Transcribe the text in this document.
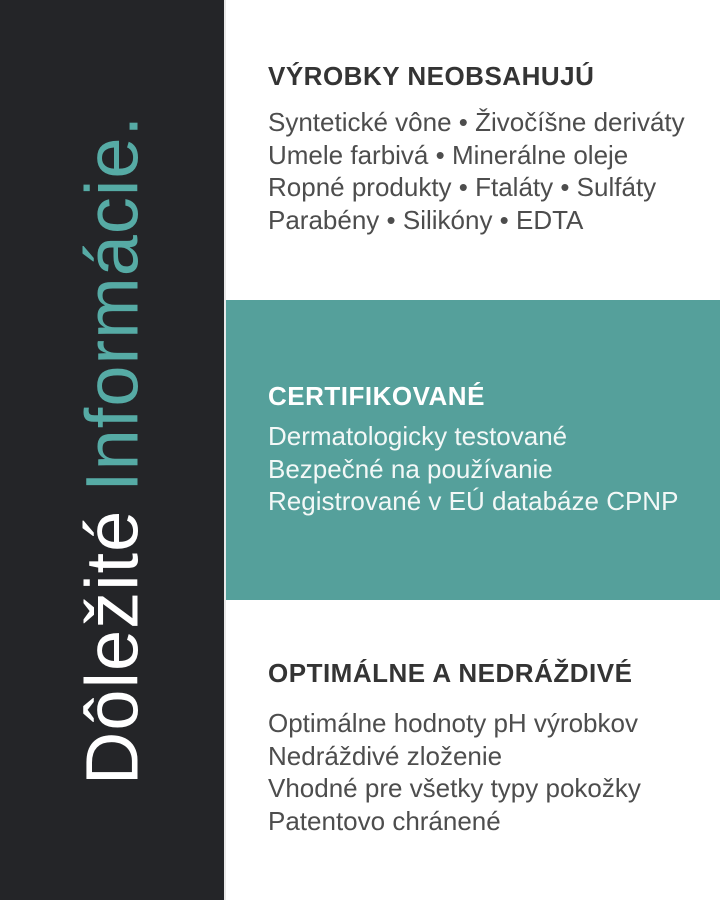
DôležitéInformácie.
VÝROBKY NEOBSAHUJÚ
Syntetické vône • Živočíšne deriváty
Umele farbivá • Minerálne oleje
Ropné produkty • Ftaláty • Sulfáty
Parabény • Silikóny • EDTA
CERTIFIKOVANÉ
Dermatologicky testované
Bezpečné na používanie
Registrované v EÚ databáze CPNP
OPTIMÁLNE A NEDRÁŽDIVÉ
Optimálne hodnoty pH výrobkov
Nedráždivé zloženie
Vhodné pre všetky typy pokožky
Patentovo chránené
